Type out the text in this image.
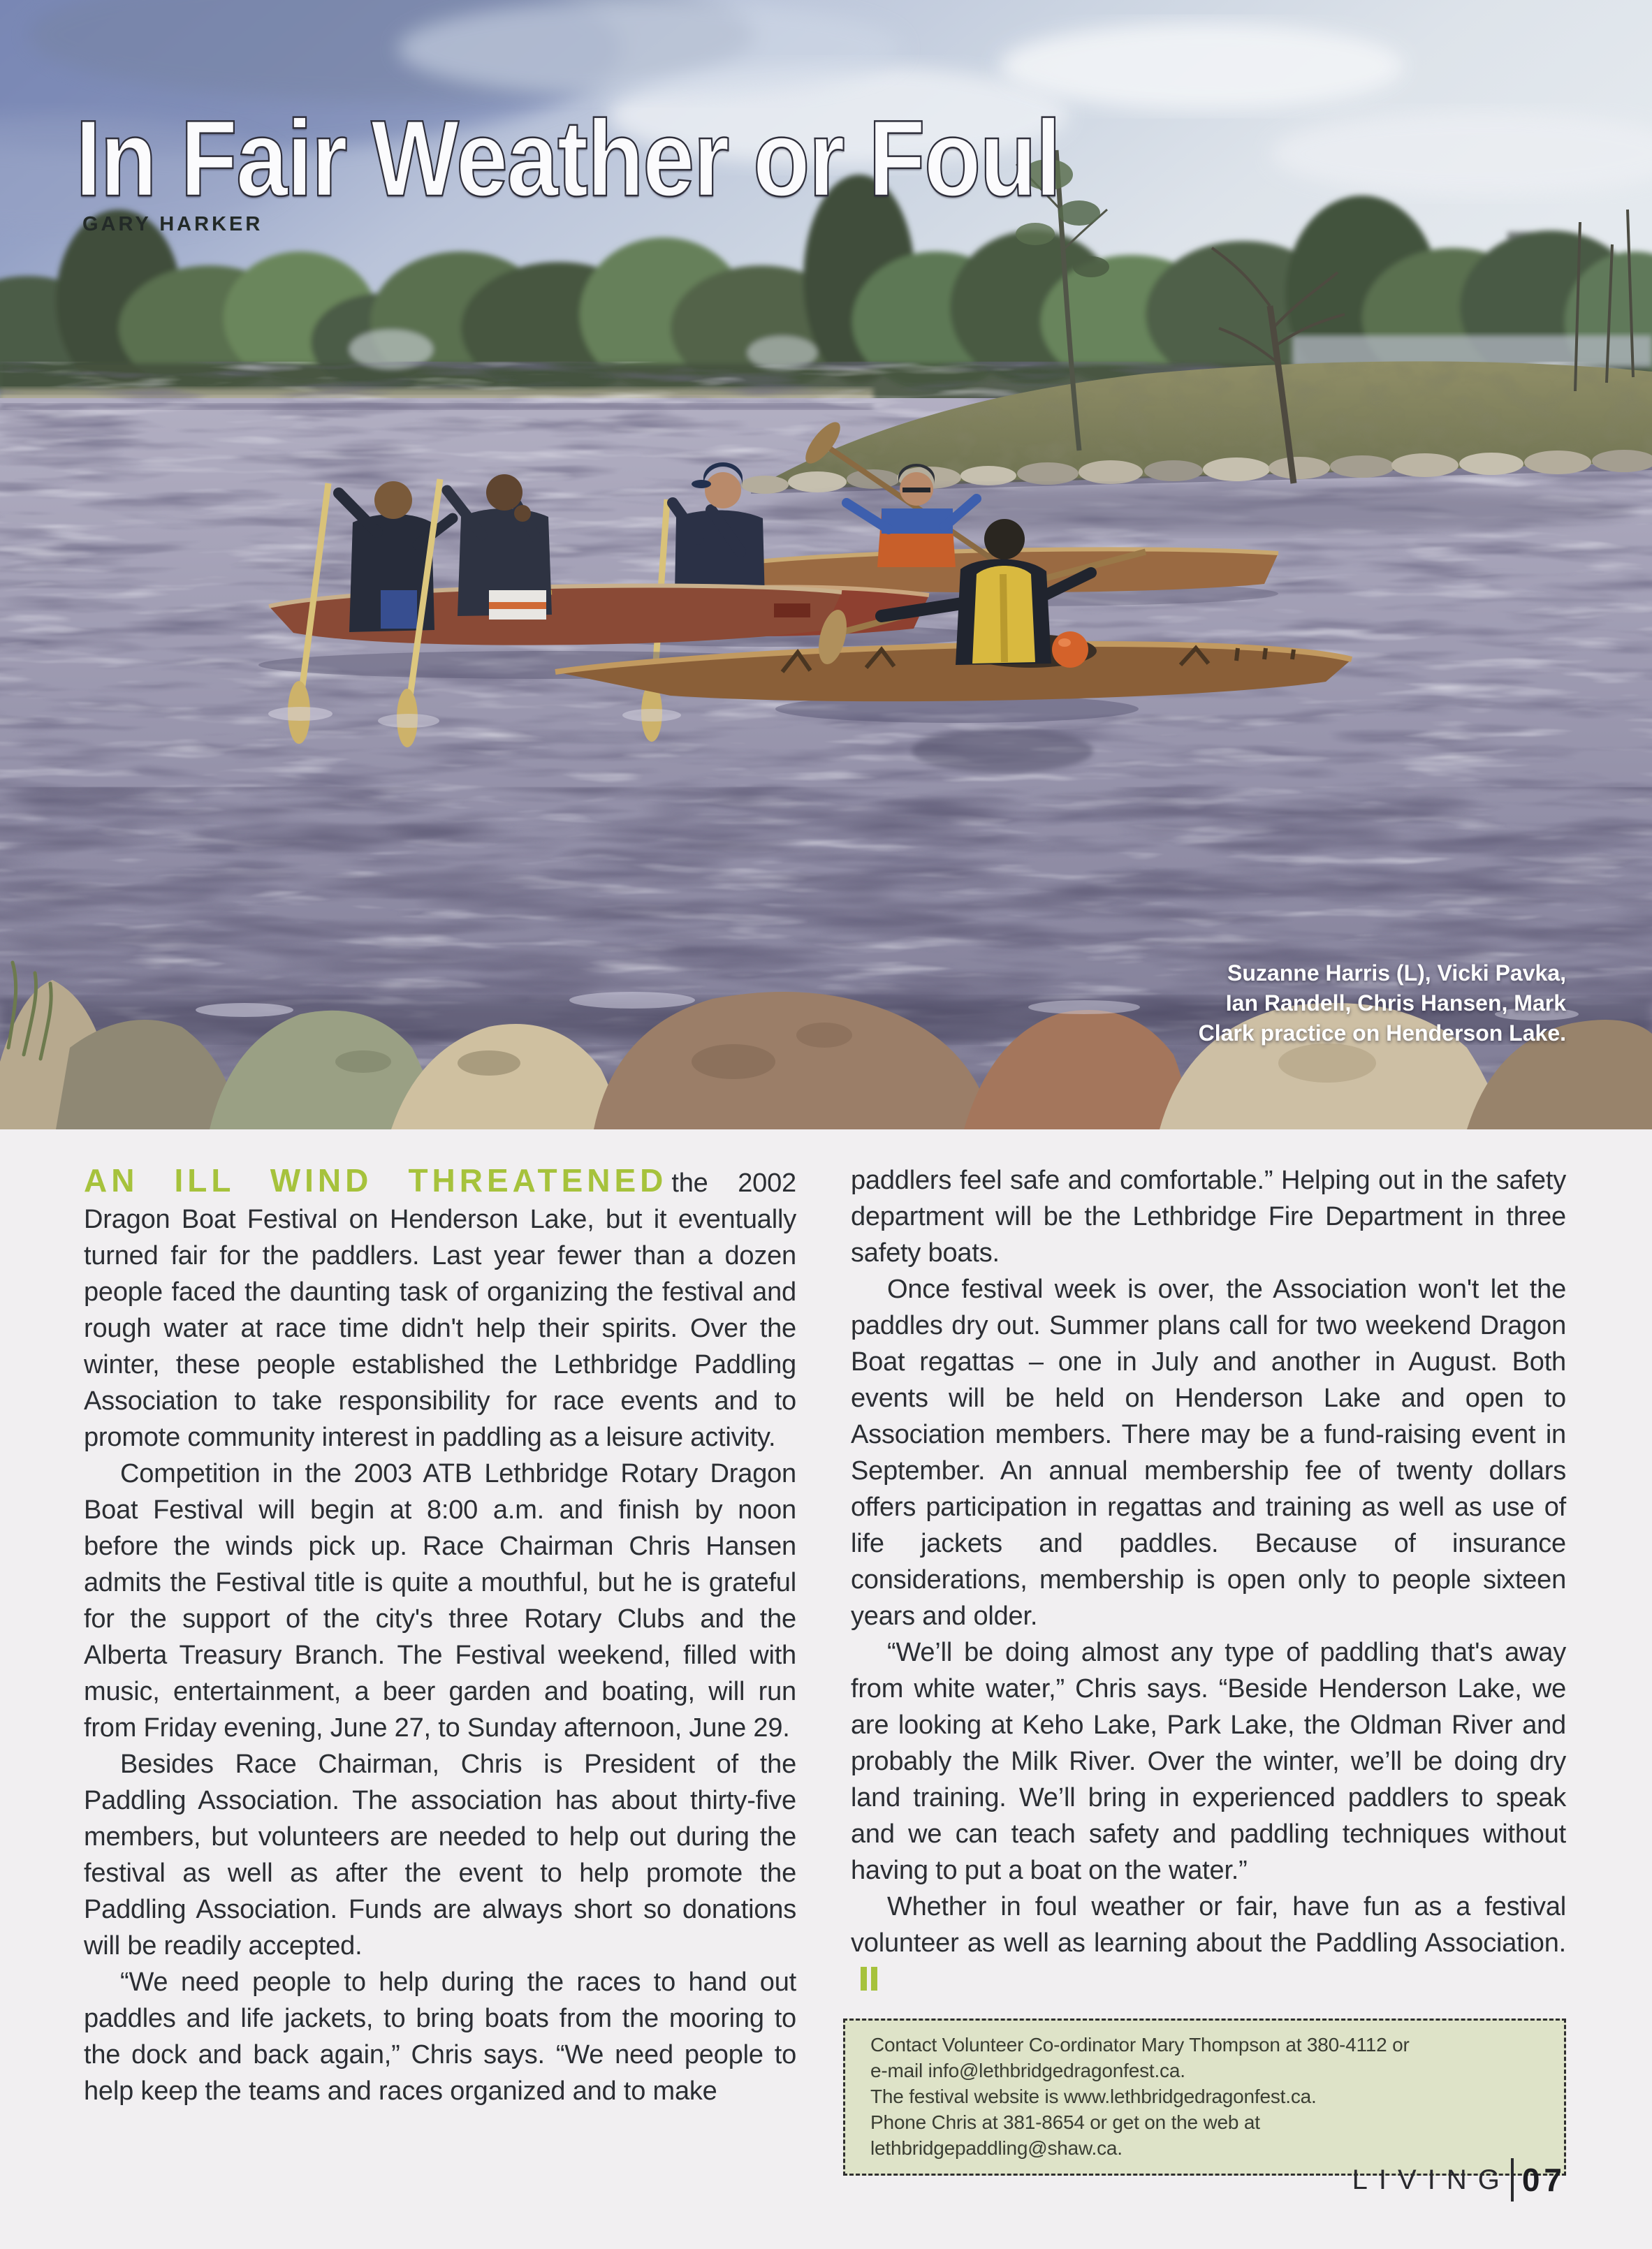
In Fair Weather or Foul
GARY HARKER
Suzanne Harris (L), Vicki Pavka,
Ian Randell, Chris Hansen, Mark
Clark practice on Henderson Lake.

AN ILL WIND THREATENED the 2002 Dragon Boat Festival on Henderson Lake, but it eventually turned fair for the paddlers. Last year fewer than a dozen people faced the daunting task of organizing the festival and rough water at race time didn't help their spirits. Over the winter, these people established the Lethbridge Paddling Association to take responsibility for race events and to promote community interest in paddling as a leisure activity.

Competition in the 2003 ATB Lethbridge Rotary Dragon Boat Festival will begin at 8:00 a.m. and finish by noon before the winds pick up. Race Chairman Chris Hansen admits the Festival title is quite a mouthful, but he is grateful for the support of the city's three Rotary Clubs and the Alberta Treasury Branch. The Festival weekend, filled with music, entertainment, a beer garden and boating, will run from Friday evening, June 27, to Sunday afternoon, June 29.

Besides Race Chairman, Chris is President of the Paddling Association. The association has about thirty-five members, but volunteers are needed to help out during the festival as well as after the event to help promote the Paddling Association. Funds are always short so donations will be readily accepted.

“We need people to help during the races to hand out paddles and life jackets, to bring boats from the mooring to the dock and back again,” Chris says. “We need people to help keep the teams and races organized and to make

paddlers feel safe and comfortable.” Helping out in the safety department will be the Lethbridge Fire Department in three safety boats.

Once festival week is over, the Association won't let the paddles dry out. Summer plans call for two weekend Dragon Boat regattas – one in July and another in August. Both events will be held on Henderson Lake and open to Association members. There may be a fund-raising event in September. An annual membership fee of twenty dollars offers participation in regattas and training as well as use of life jackets and paddles. Because of insurance considerations, membership is open only to people sixteen years and older.

“We’ll be doing almost any type of paddling that's away from white water,” Chris says. “Beside Henderson Lake, we are looking at Keho Lake, Park Lake, the Oldman River and probably the Milk River. Over the winter, we’ll be doing dry land training. We’ll bring in experienced paddlers to speak and we can teach safety and paddling techniques without having to put a boat on the water.”

Whether in foul weather or fair, have fun as a festival volunteer as well as learning about the Paddling Association.

Contact Volunteer Co-ordinator Mary Thompson at 380-4112 or
e-mail info@lethbridgedragonfest.ca.
The festival website is www.lethbridgedragonfest.ca.
Phone Chris at 381-8654 or get on the web at
lethbridgepaddling@shaw.ca.
LIVING 07
